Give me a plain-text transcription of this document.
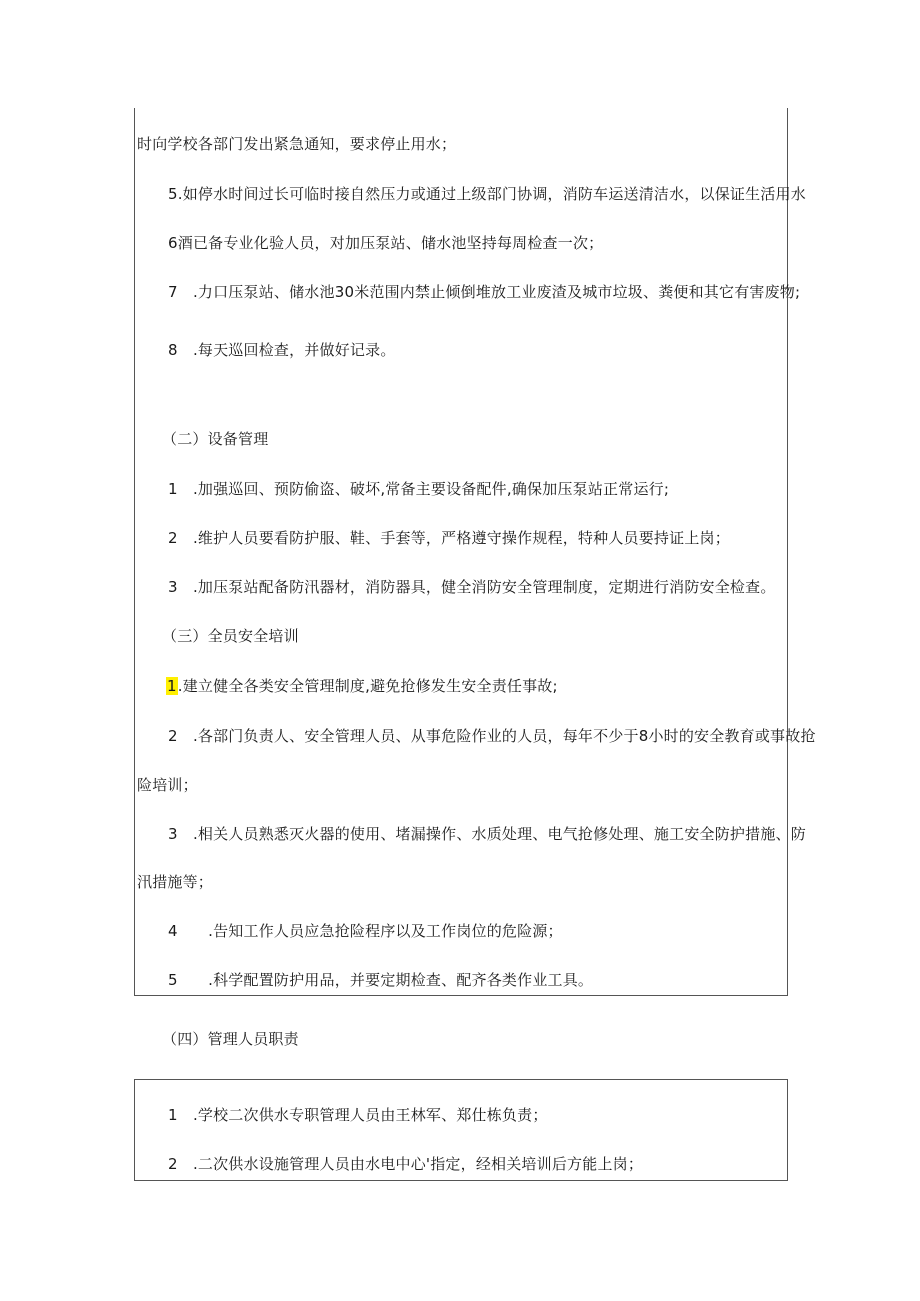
时向学校各部门发出紧急通知，要求停止用水；
5.如停水时间过长可临时接自然压力或通过上级部门协调，消防车运送清洁水，以保证生活用水
6酒已备专业化验人员，对加压泵站、储水池坚持每周检查一次；
7　.力口压泵站、储水池30米范围内禁止倾倒堆放工业废渣及城市垃圾、粪便和其它有害废物;
8　.每天巡回检查，并做好记录。
（二）设备管理
1　.加强巡回、预防偷盗、破坏,常备主要设备配件,确保加压泵站正常运行;
2　.维护人员要看防护服、鞋、手套等，严格遵守操作规程，特种人员要持证上岗；
3　.加压泵站配备防汛器材，消防器具，健全消防安全管理制度，定期进行消防安全检查。
（三）全员安全培训
1.建立健全各类安全管理制度,避免抢修发生安全责任事故;
2　.各部门负责人、安全管理人员、从事危险作业的人员，每年不少于8小时的安全教育或事故抢
险培训；
3　.相关人员熟悉灭火器的使用、堵漏操作、水质处理、电气抢修处理、施工安全防护措施、防
汛措施等；
4　　.告知工作人员应急抢险程序以及工作岗位的危险源；
5　　.科学配置防护用品，并要定期检查、配齐各类作业工具。
（四）管理人员职责
1　.学校二次供水专职管理人员由王林军、郑仕栋负责；
2　.二次供水设施管理人员由水电中心'指定，经相关培训后方能上岗；
